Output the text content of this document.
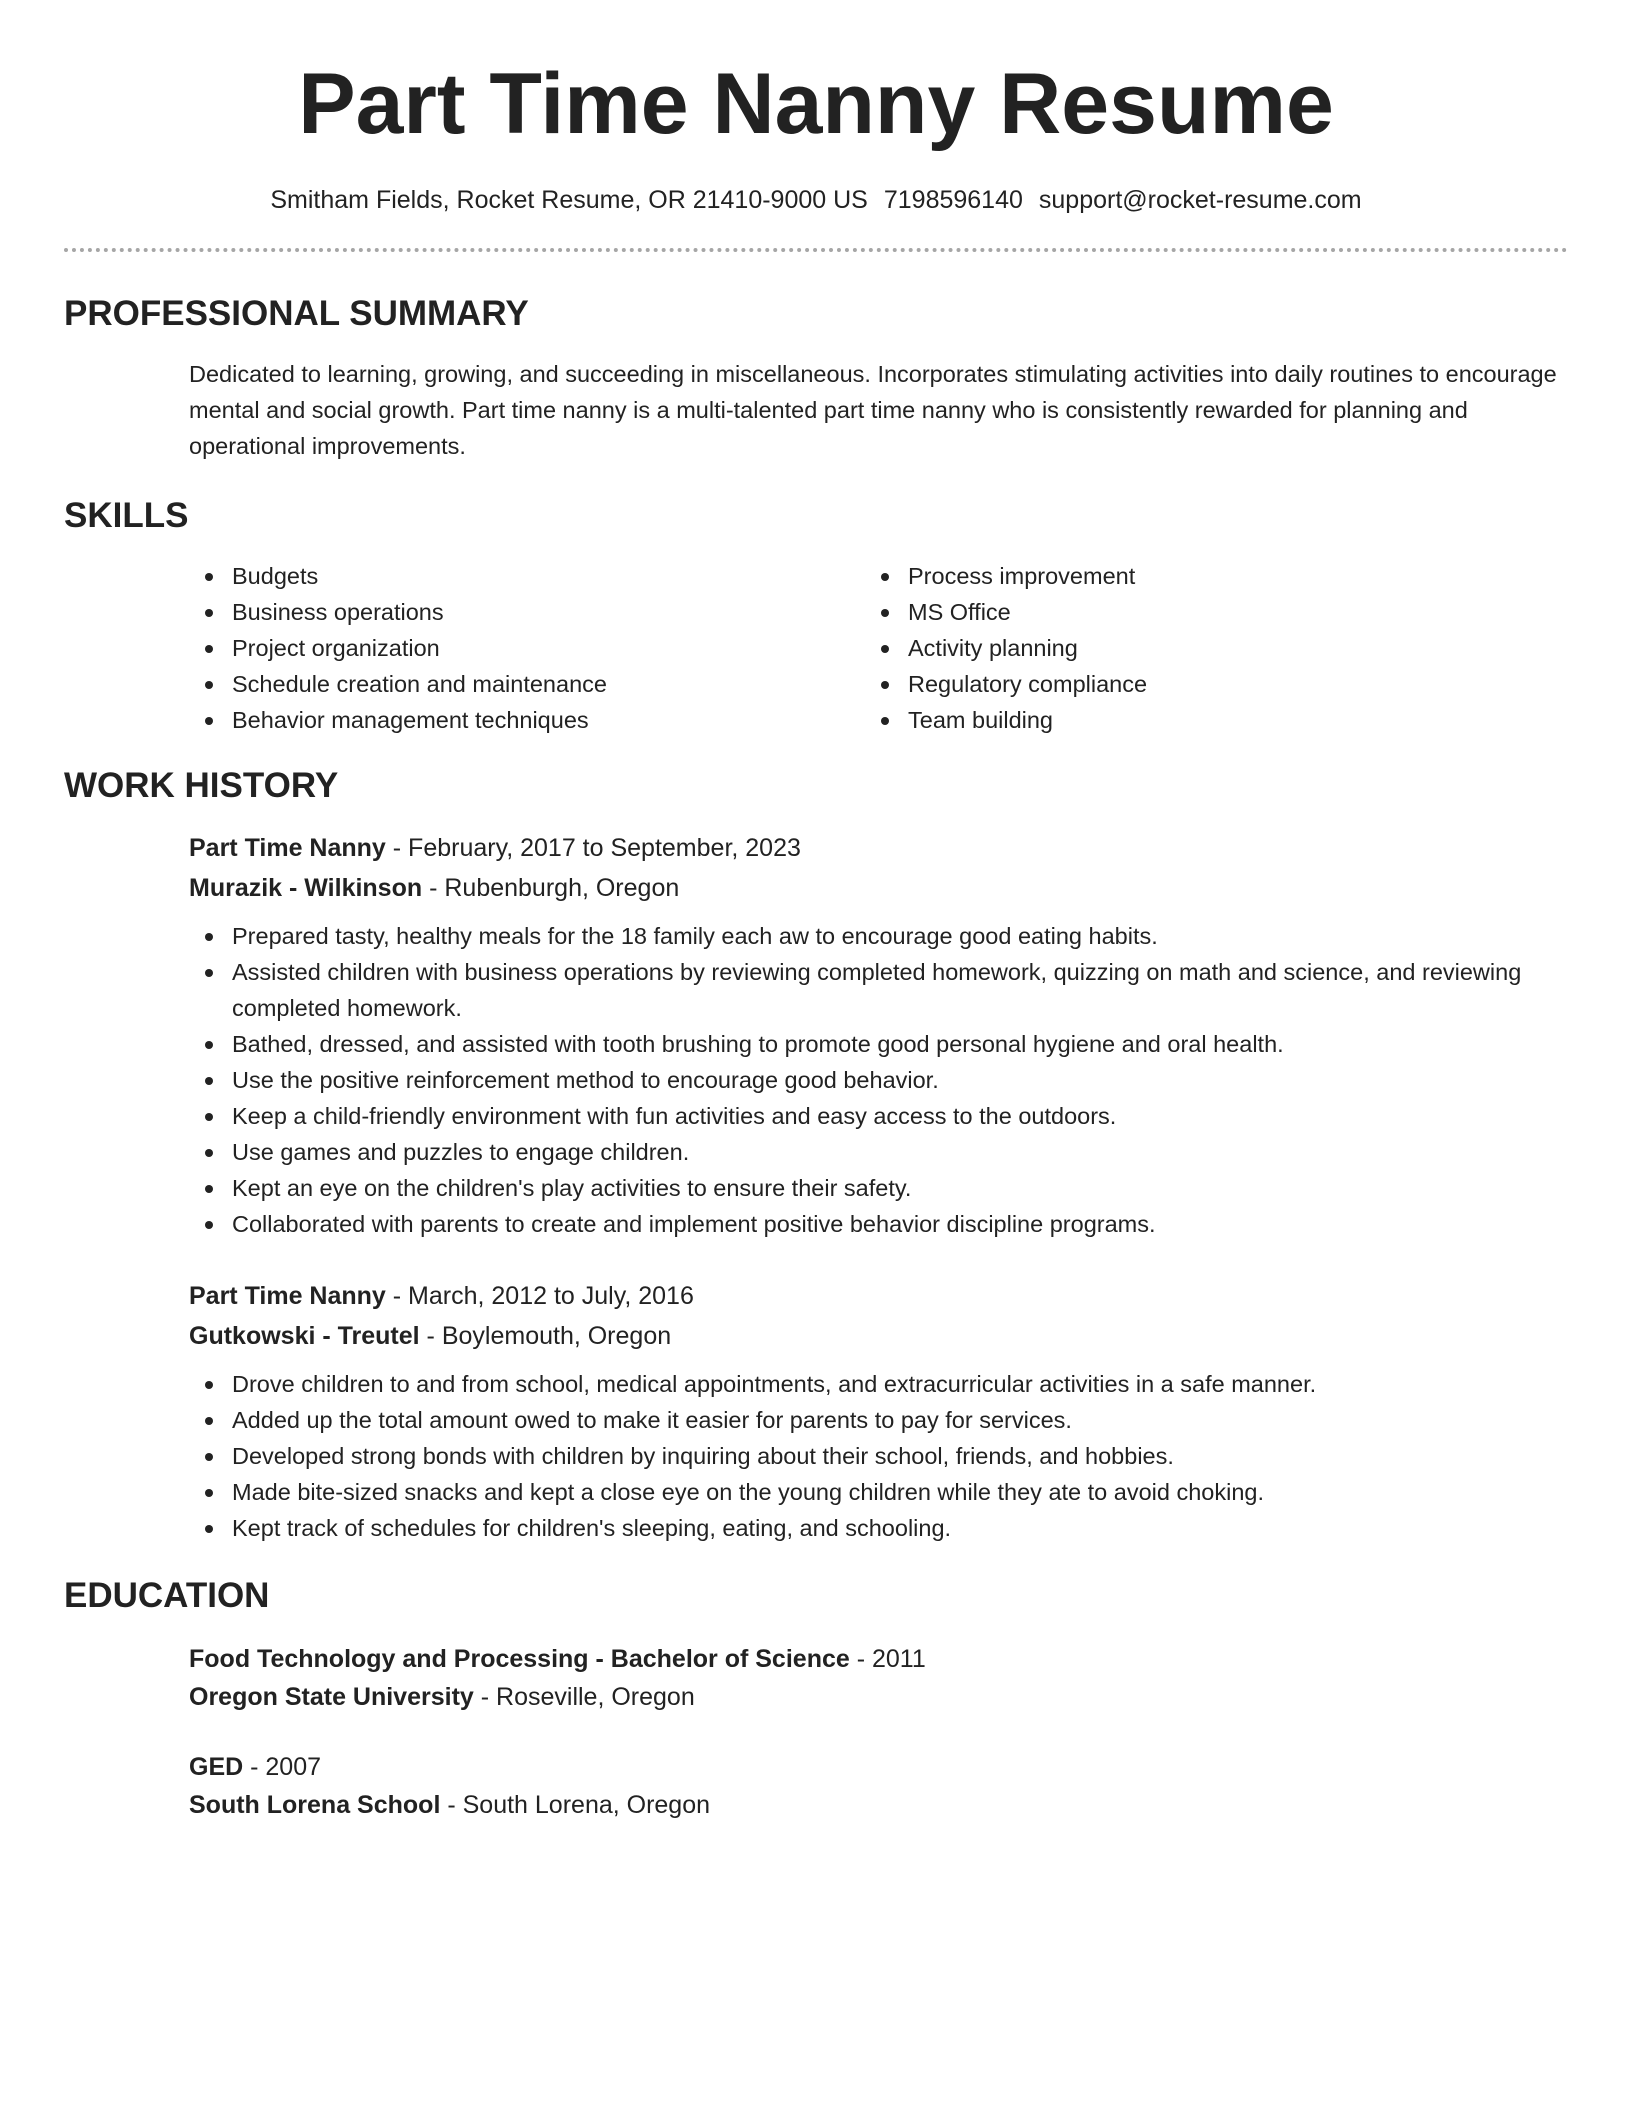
Part Time Nanny Resume
Smitham Fields, Rocket Resume, OR 21410-9000 US 7198596140 support@rocket-resume.com
PROFESSIONAL SUMMARY

Dedicated to learning, growing, and succeeding in miscellaneous. Incorporates stimulating activities into daily routines to encourage mental and social growth. Part time nanny is a multi-talented part time nanny who is consistently rewarded for planning and operational improvements.

SKILLS
Budgets
Business operations
Project organization
Schedule creation and maintenance
Behavior management techniques
Process improvement
MS Office
Activity planning
Regulatory compliance
Team building
WORK HISTORY
Part Time Nanny - February, 2017 to September, 2023
Murazik - Wilkinson - Rubenburgh, Oregon
Prepared tasty, healthy meals for the 18 family each aw to encourage good eating habits.
Assisted children with business operations by reviewing completed homework, quizzing on math and science, and reviewing completed homework.
Bathed, dressed, and assisted with tooth brushing to promote good personal hygiene and oral health.
Use the positive reinforcement method to encourage good behavior.
Keep a child-friendly environment with fun activities and easy access to the outdoors.
Use games and puzzles to engage children.
Kept an eye on the children's play activities to ensure their safety.
Collaborated with parents to create and implement positive behavior discipline programs.
Part Time Nanny - March, 2012 to July, 2016
Gutkowski - Treutel - Boylemouth, Oregon
Drove children to and from school, medical appointments, and extracurricular activities in a safe manner.
Added up the total amount owed to make it easier for parents to pay for services.
Developed strong bonds with children by inquiring about their school, friends, and hobbies.
Made bite-sized snacks and kept a close eye on the young children while they ate to avoid choking.
Kept track of schedules for children's sleeping, eating, and schooling.
EDUCATION
Food Technology and Processing - Bachelor of Science - 2011
Oregon State University - Roseville, Oregon
GED - 2007
South Lorena School - South Lorena, Oregon
